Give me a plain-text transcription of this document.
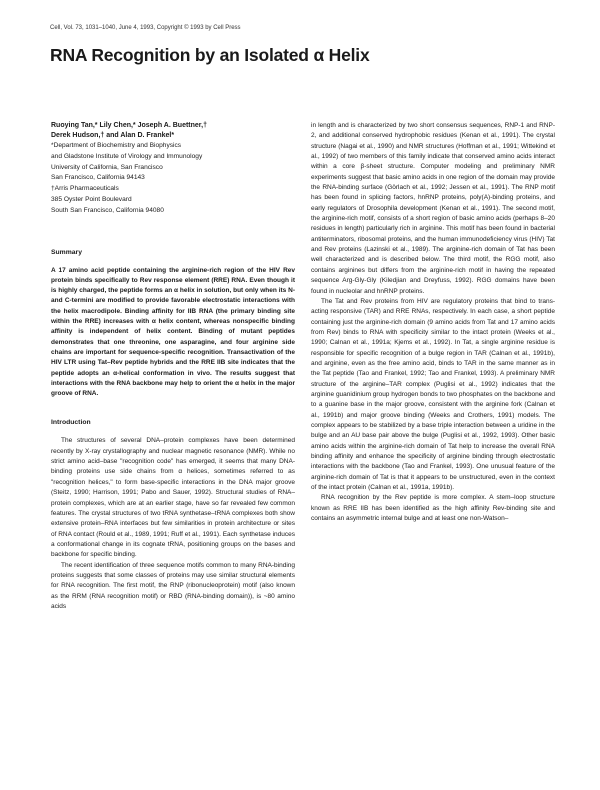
Cell, Vol. 73, 1031–1040, June 4, 1993, Copyright © 1993 by Cell Press
RNA Recognition by an Isolated α Helix
Ruoying Tan,* Lily Chen,* Joseph A. Buettner,†
Derek Hudson,† and Alan D. Frankel*
*Department of Biochemistry and Biophysics
and Gladstone Institute of Virology and Immunology
University of California, San Francisco
San Francisco, California 94143
†Arris Pharmaceuticals
385 Oyster Point Boulevard
South San Francisco, California 94080
Summary

A 17 amino acid peptide containing the arginine-rich region of the HIV Rev protein binds specifically to Rev response element (RRE) RNA. Even though it is highly charged, the peptide forms an α helix in solution, but only when its N- and C-termini are modified to provide favorable electrostatic interactions with the helix macrodipole. Binding affinity for IIB RNA (the primary binding site within the RRE) increases with α helix content, whereas nonspecific binding affinity is independent of helix content. Binding of mutant peptides demonstrates that one threonine, one asparagine, and four arginine side chains are important for sequence-specific recognition. Transactivation of the HIV LTR using Tat–Rev peptide hybrids and the RRE IIB site indicates that the peptide adopts an α-helical conformation in vivo. The results suggest that interactions with the RNA backbone may help to orient the α helix in the major groove of RNA.

Introduction

The structures of several DNA–protein complexes have been determined recently by X-ray crystallography and nuclear magnetic resonance (NMR). While no strict amino acid–base "recognition code" has emerged, it seems that many DNA-binding proteins use side chains from α helices, sometimes referred to as "recognition helices," to form base-specific interactions in the DNA major groove (Steitz, 1990; Harrison, 1991; Pabo and Sauer, 1992). Structural studies of RNA–protein complexes, which are at an earlier stage, have so far revealed few common features. The crystal structures of two tRNA synthetase–tRNA complexes both show extensive protein–RNA interfaces but few similarities in protein architecture or sites of RNA contact (Rould et al., 1989, 1991; Ruff et al., 1991). Each synthetase induces a conformational change in its cognate tRNA, positioning groups on the bases and backbone for specific binding.

The recent identification of three sequence motifs common to many RNA-binding proteins suggests that some classes of proteins may use similar structural elements for RNA recognition. The first motif, the RNP (ribonucleoprotein) motif (also known as the RRM (RNA recognition motif) or RBD (RNA-binding domain)), is ~80 amino acids

in length and is characterized by two short consensus sequences, RNP-1 and RNP-2, and additional conserved hydrophobic residues (Kenan et al., 1991). The crystal structure (Nagai et al., 1990) and NMR structures (Hoffman et al., 1991; Wittekind et al., 1992) of two members of this family indicate that conserved amino acids interact within a core β-sheet structure. Computer modeling and preliminary NMR experiments suggest that basic amino acids in one region of the domain may provide the RNA-binding surface (Görlach et al., 1992; Jessen et al., 1991). The RNP motif has been found in splicing factors, hnRNP proteins, poly(A)-binding proteins, and early regulators of Drosophila development (Kenan et al., 1991). The second motif, the arginine-rich motif, consists of a short region of basic amino acids (perhaps 8–20 residues in length) particularly rich in arginine. This motif has been found in bacterial antiterminators, ribosomal proteins, and the human immunodeficiency virus (HIV) Tat and Rev proteins (Lazinski et al., 1989). The arginine-rich domain of Tat has been well characterized and is described below. The third motif, the RGG motif, also contains arginines but differs from the arginine-rich motif in having the repeated sequence Arg-Gly-Gly (Kiledjian and Dreyfuss, 1992). RGG domains have been found in nucleolar and hnRNP proteins.

The Tat and Rev proteins from HIV are regulatory proteins that bind to trans-acting responsive (TAR) and RRE RNAs, respectively. In each case, a short peptide containing just the arginine-rich domain (9 amino acids from Tat and 17 amino acids from Rev) binds to RNA with specificity similar to the intact protein (Weeks et al., 1990; Calnan et al., 1991a; Kjems et al., 1992). In Tat, a single arginine residue is responsible for specific recognition of a bulge region in TAR (Calnan et al., 1991b), and arginine, even as the free amino acid, binds to TAR in the same manner as in the Tat peptide (Tao and Frankel, 1992; Tao and Frankel, 1993). A preliminary NMR structure of the arginine–TAR complex (Puglisi et al., 1992) indicates that the arginine guanidinium group hydrogen bonds to two phosphates on the backbone and to a guanine base in the major groove, consistent with the arginine fork (Calnan et al., 1991b) and major groove binding (Weeks and Crothers, 1991) models. The complex appears to be stabilized by a base triple interaction between a uridine in the bulge and an AU base pair above the bulge (Puglisi et al., 1992, 1993). Other basic amino acids within the arginine-rich domain of Tat help to increase the overall RNA binding affinity and enhance the specificity of arginine binding through electrostatic interactions with the backbone (Tao and Frankel, 1993). One unusual feature of the arginine-rich domain of Tat is that it appears to be unstructured, even in the context of the intact protein (Calnan et al., 1991a, 1991b).

RNA recognition by the Rev peptide is more complex. A stem–loop structure known as RRE IIB has been identified as the high affinity Rev-binding site and contains an asymmetric internal bulge and at least one non-Watson–
